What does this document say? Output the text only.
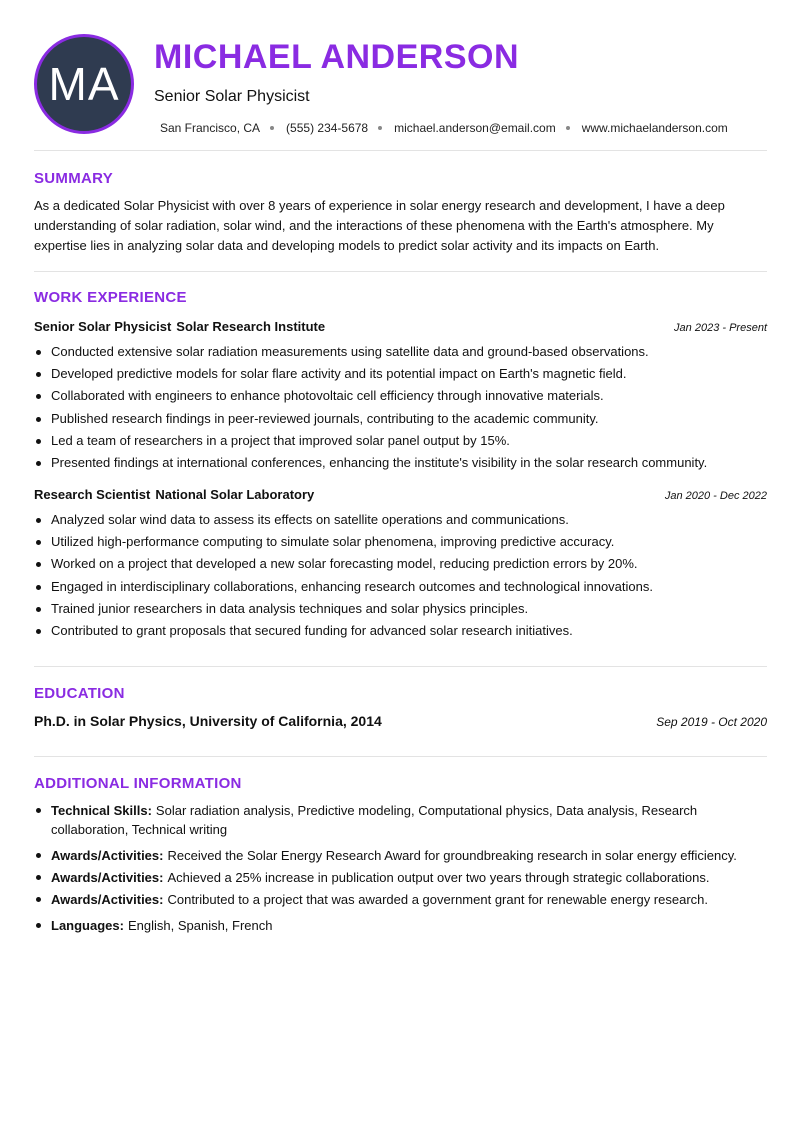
MA
MICHAEL ANDERSON
Senior Solar Physicist
San Francisco, CA (555) 234-5678 michael.anderson@email.com www.michaelanderson.com
SUMMARY
As a dedicated Solar Physicist with over 8 years of experience in solar energy research and development, I have a deep understanding of solar radiation, solar wind, and the interactions of these phenomena with the Earth's atmosphere. My expertise lies in analyzing solar data and developing models to predict solar activity and its impacts on Earth.
WORK EXPERIENCE
Senior Solar Physicist Solar Research Institute	Jan 2023 - Present
Conducted extensive solar radiation measurements using satellite data and ground-based observations.
Developed predictive models for solar flare activity and its potential impact on Earth's magnetic field.
Collaborated with engineers to enhance photovoltaic cell efficiency through innovative materials.
Published research findings in peer-reviewed journals, contributing to the academic community.
Led a team of researchers in a project that improved solar panel output by 15%.
Presented findings at international conferences, enhancing the institute's visibility in the solar research community.
Research Scientist National Solar Laboratory	Jan 2020 - Dec 2022
Analyzed solar wind data to assess its effects on satellite operations and communications.
Utilized high-performance computing to simulate solar phenomena, improving predictive accuracy.
Worked on a project that developed a new solar forecasting model, reducing prediction errors by 20%.
Engaged in interdisciplinary collaborations, enhancing research outcomes and technological innovations.
Trained junior researchers in data analysis techniques and solar physics principles.
Contributed to grant proposals that secured funding for advanced solar research initiatives.
EDUCATION
Ph.D. in Solar Physics, University of California, 2014	Sep 2019 - Oct 2020
ADDITIONAL INFORMATION
Technical Skills: Solar radiation analysis, Predictive modeling, Computational physics, Data analysis, Research collaboration, Technical writing
Awards/Activities: Received the Solar Energy Research Award for groundbreaking research in solar energy efficiency.
Awards/Activities: Achieved a 25% increase in publication output over two years through strategic collaborations.
Awards/Activities: Contributed to a project that was awarded a government grant for renewable energy research.
Languages: English, Spanish, French
